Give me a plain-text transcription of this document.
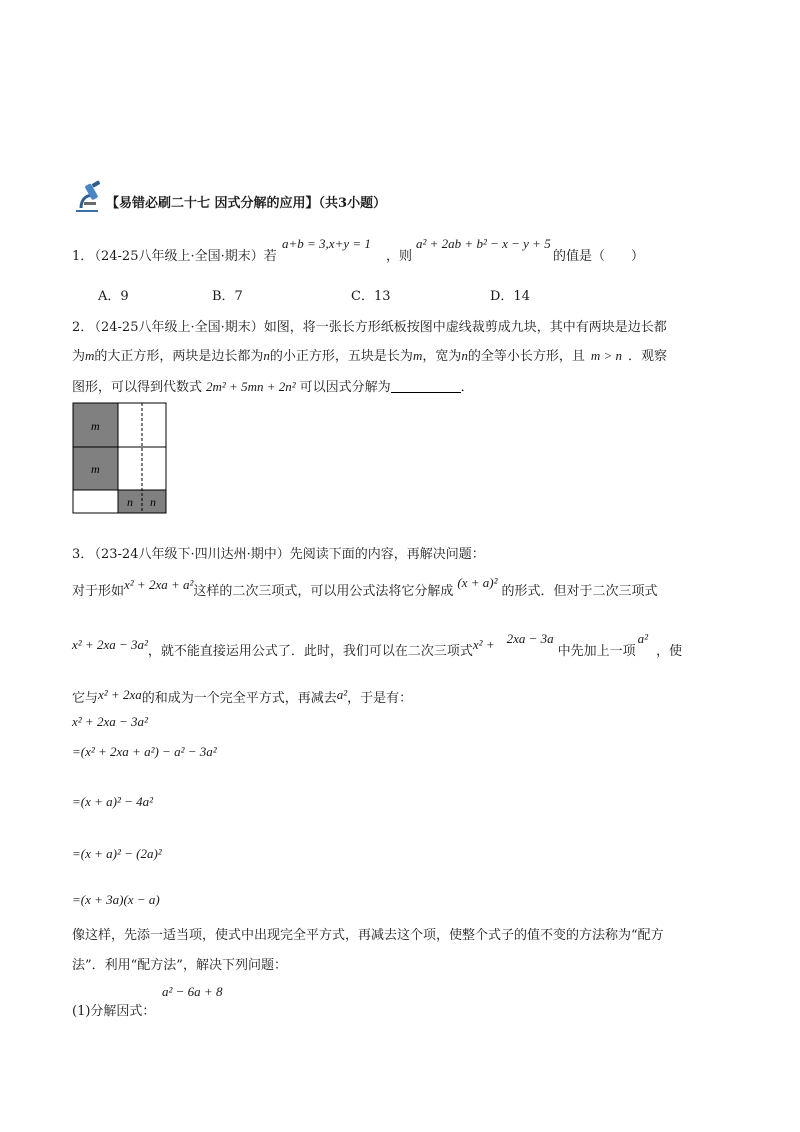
【易错必刷二十七 因式分解的应用】（共3小题）
1．
（24-25八年级上·全国·期末）若
a+b = 3,x+y = 1
，则
a² + 2ab + b² − x − y + 5
的值是（　　）
A．9	B．7	C．13	D．14
2．
（24-25八年级上·全国·期末）如图，将一张长方形纸板按图中虚线裁剪成九块，其中有两块是边长都
为m的大正方形，两块是边长都为n的小正方形，五块是长为m，宽为n的全等小长方形，且 m > n ．观察
图形，可以得到代数式 2m² + 5mn + 2n² 可以因式分解为	．
m
m
n n
3．
（23-24八年级下·四川达州·期中）先阅读下面的内容，再解决问题：
对于形如x² + 2xa + a²这样的二次三项式，可以用公式法将它分解成(x + a)²的形式．但对于二次三项式
x² + 2xa − 3a²，就不能直接运用公式了．此时，我们可以在二次三项式x² + 2xa − 3a中先加上一项a²，使
它与x² + 2xa的和成为一个完全平方式，再减去a²，于是有：
x² + 2xa − 3a²
=(x² + 2xa + a²) − a² − 3a²
=(x + a)² − 4a²
=(x + a)² − (2a)²
=(x + 3a)(x − a)
像这样，先添一适当项，使式中出现完全平方式，再减去这个项，使整个式子的值不变的方法称为“配方
法”．利用“配方法”，解决下列问题：
(1)分解因式：
a² − 6a + 8
